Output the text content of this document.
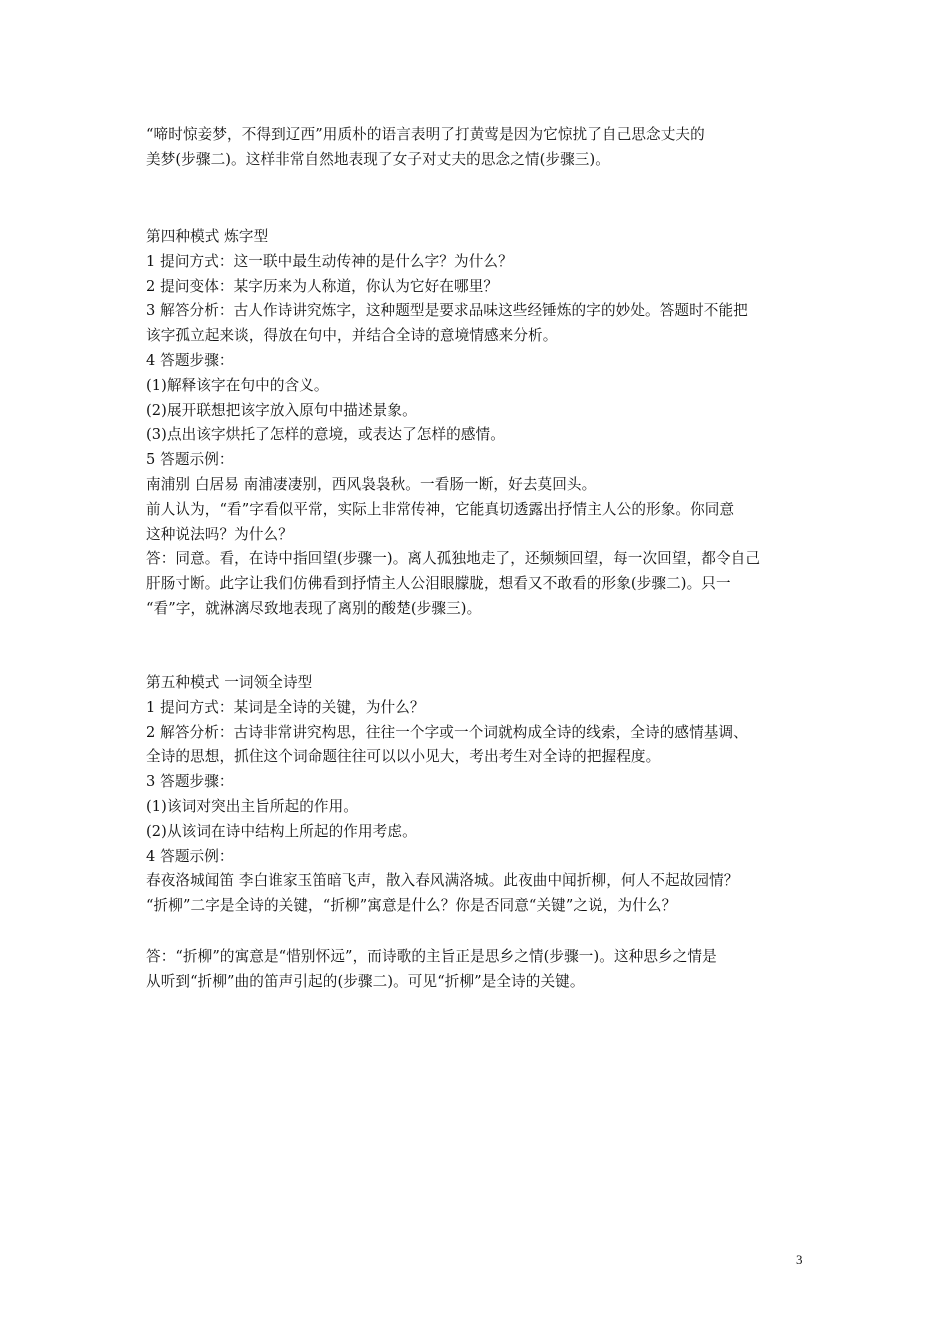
“啼时惊妾梦，不得到辽西”用质朴的语言表明了打黄莺是因为它惊扰了自己思念丈夫的
美梦(步骤二)。这样非常自然地表现了女子对丈夫的思念之情(步骤三)。
第四种模式 炼字型
1 提问方式：这一联中最生动传神的是什么字？为什么？
2 提问变体：某字历来为人称道，你认为它好在哪里？
3 解答分析：古人作诗讲究炼字，这种题型是要求品味这些经锤炼的字的妙处。答题时不能把
该字孤立起来谈，得放在句中，并结合全诗的意境情感来分析。
4 答题步骤：
(1)解释该字在句中的含义。
(2)展开联想把该字放入原句中描述景象。
(3)点出该字烘托了怎样的意境，或表达了怎样的感情。
5 答题示例：
南浦别 白居易 南浦凄凄别，西风袅袅秋。一看肠一断，好去莫回头。
前人认为，“看”字看似平常，实际上非常传神，它能真切透露出抒情主人公的形象。你同意
这种说法吗？为什么？
答：同意。看，在诗中指回望(步骤一)。离人孤独地走了，还频频回望，每一次回望，都令自己
肝肠寸断。此字让我们仿佛看到抒情主人公泪眼朦胧，想看又不敢看的形象(步骤二)。只一
“看”字，就淋漓尽致地表现了离别的酸楚(步骤三)。
第五种模式 一词领全诗型
1 提问方式：某词是全诗的关键，为什么？
2 解答分析：古诗非常讲究构思，往往一个字或一个词就构成全诗的线索，全诗的感情基调、
全诗的思想，抓住这个词命题往往可以以小见大，考出考生对全诗的把握程度。
3 答题步骤：
(1)该词对突出主旨所起的作用。
(2)从该词在诗中结构上所起的作用考虑。
4 答题示例：
春夜洛城闻笛 李白谁家玉笛暗飞声，散入春风满洛城。此夜曲中闻折柳，何人不起故园情？
“折柳”二字是全诗的关键，“折柳”寓意是什么？你是否同意“关键”之说，为什么？
答：“折柳”的寓意是“惜别怀远”，而诗歌的主旨正是思乡之情(步骤一)。这种思乡之情是
从听到“折柳”曲的笛声引起的(步骤二)。可见“折柳”是全诗的关键。
3
